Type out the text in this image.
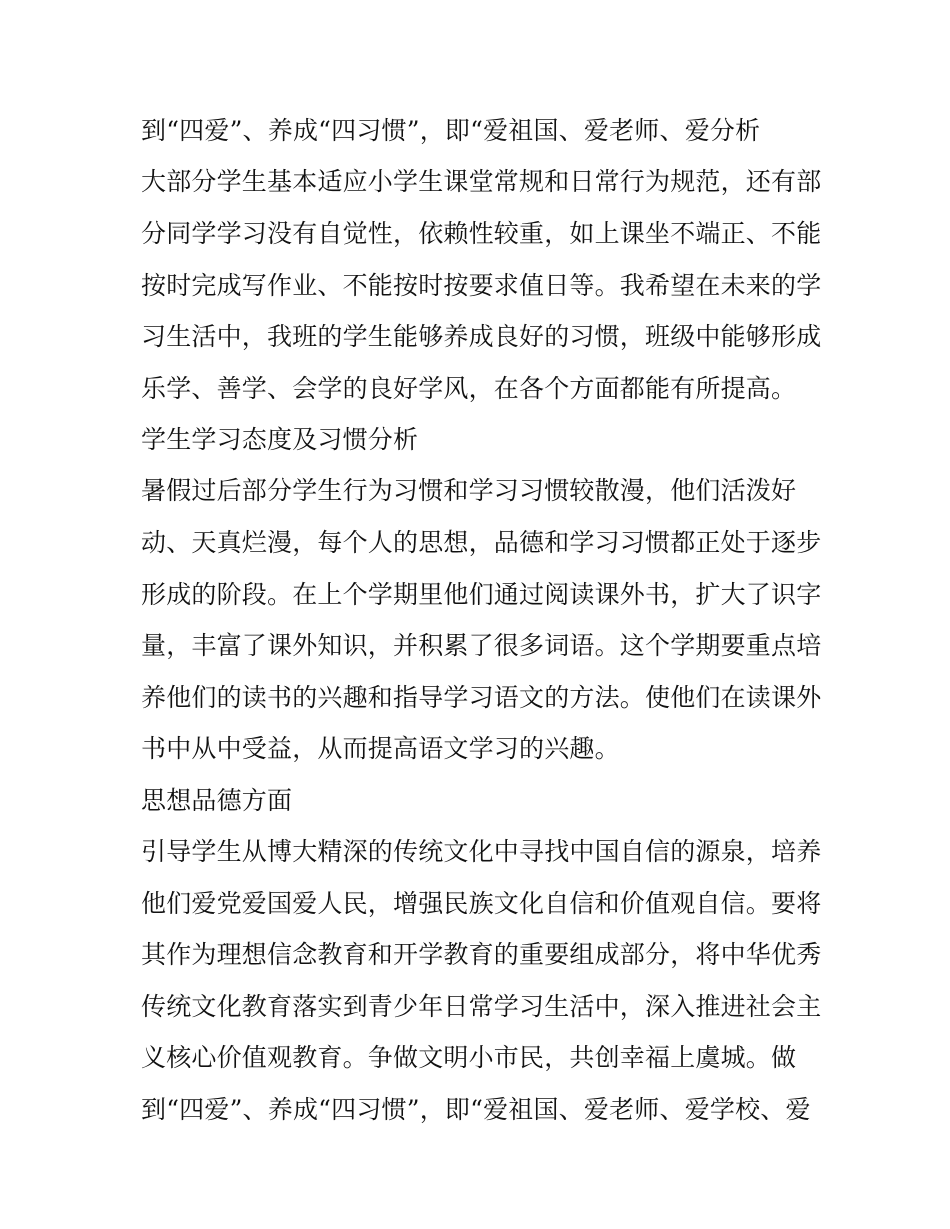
到“四爱”、养成“四习惯”，即“爱祖国、爱老师、爱分析
大部分学生基本适应小学生课堂常规和日常行为规范，还有部
分同学学习没有自觉性，依赖性较重，如上课坐不端正、不能
按时完成写作业、不能按时按要求值日等。我希望在未来的学
习生活中，我班的学生能够养成良好的习惯，班级中能够形成
乐学、善学、会学的良好学风，在各个方面都能有所提高。
学生学习态度及习惯分析
暑假过后部分学生行为习惯和学习习惯较散漫，他们活泼好
动、天真烂漫，每个人的思想，品德和学习习惯都正处于逐步
形成的阶段。在上个学期里他们通过阅读课外书，扩大了识字
量，丰富了课外知识，并积累了很多词语。这个学期要重点培
养他们的读书的兴趣和指导学习语文的方法。使他们在读课外
书中从中受益，从而提高语文学习的兴趣。
思想品德方面
引导学生从博大精深的传统文化中寻找中国自信的源泉，培养
他们爱党爱国爱人民，增强民族文化自信和价值观自信。要将
其作为理想信念教育和开学教育的重要组成部分，将中华优秀
传统文化教育落实到青少年日常学习生活中，深入推进社会主
义核心价值观教育。争做文明小市民，共创幸福上虞城。做
到“四爱”、养成“四习惯”，即“爱祖国、爱老师、爱学校、爱
